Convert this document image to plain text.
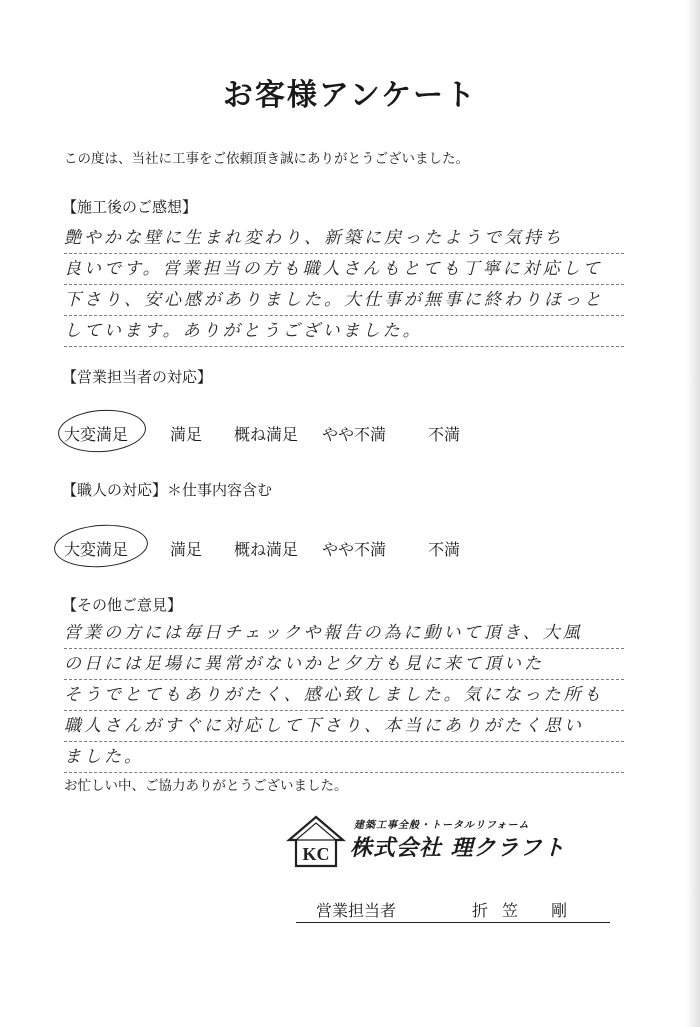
お客様アンケート
この度は、当社に工事をご依頼頂き誠にありがとうございました。
【施工後のご感想】
艶やかな壁に生まれ変わり、新築に戻ったようで気持ち
良いです。営業担当の方も職人さんもとても丁寧に対応して
下さり、安心感がありました。大仕事が無事に終わりほっと
しています。ありがとうございました。
【営業担当者の対応】
大変満足	満足 概ね満足 やや不満	不満
【職人の対応】＊仕事内容含む
大変満足	満足 概ね満足 やや不満	不満
【その他ご意見】
営業の方には毎日チェックや報告の為に動いて頂き、大風
の日には足場に異常がないかと夕方も見に来て頂いた
そうでとてもありがたく、感心致しました。気になった所も
職人さんがすぐに対応して下さり、本当にありがたく思い
ました。
お忙しい中、ご協力ありがとうございました。
KC
建築工事全般・トータルリフォーム
株式会社 理クラフト
営業担当者	折笠 剛
